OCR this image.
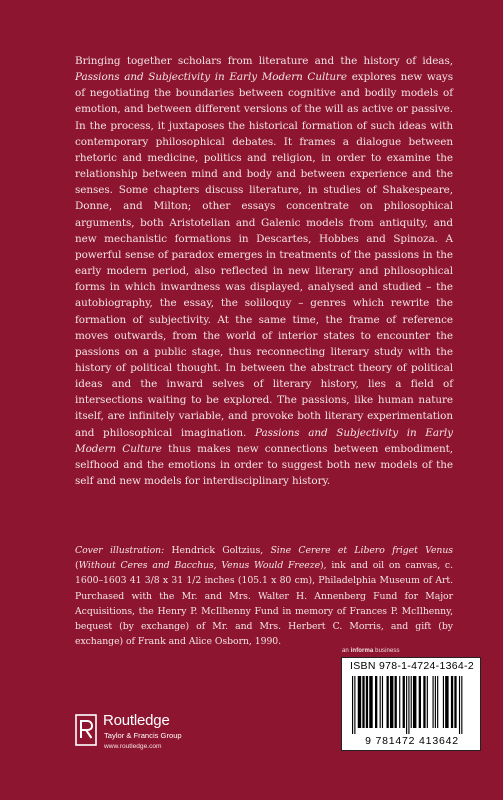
Bringing together scholars from literature and the history of ideas, Passions and Subjectivity in Early Modern Culture explores new ways of negotiating the boundaries between cognitive and bodily models of emotion, and between different versions of the will as active or passive. In the process, it juxtaposes the historical formation of such ideas with contemporary philosophical debates. It frames a dialogue between rhetoric and medicine, politics and religion, in order to examine the relationship between mind and body and between experience and the senses. Some chapters discuss literature, in studies of Shakespeare, Donne, and Milton; other essays concentrate on philosophical arguments, both Aristotelian and Galenic models from antiquity, and new mechanistic formations in Descartes, Hobbes and Spinoza. A powerful sense of paradox emerges in treatments of the passions in the early modern period, also reflected in new literary and philosophical forms in which inwardness was displayed, analysed and studied – the autobiography, the essay, the soliloquy – genres which rewrite the formation of subjectivity. At the same time, the frame of reference moves outwards, from the world of interior states to encounter the passions on a public stage, thus reconnecting literary study with the history of political thought. In between the abstract theory of political ideas and the inward selves of literary history, lies a field of intersections waiting to be explored. The passions, like human nature itself, are infinitely variable, and provoke both literary experimentation and philosophical imagination. Passions and Subjectivity in Early Modern Culture thus makes new connections between embodiment, selfhood and the emotions in order to suggest both new models of the self and new models for interdisciplinary history.

Cover illustration: Hendrick Goltzius, Sine Cerere et Libero friget Venus (Without Ceres and Bacchus, Venus Would Freeze), ink and oil on canvas, c. 1600–1603 41 3/8 x 31 1/2 inches (105.1 x 80 cm), Philadelphia Museum of Art. Purchased with the Mr. and Mrs. Walter H. Annenberg Fund for Major Acquisitions, the Henry P. McIlhenny Fund in memory of Frances P. McIlhenny, bequest (by exchange) of Mr. and Mrs. Herbert C. Morris, and gift (by exchange) of Frank and Alice Osborn, 1990.

an informa business
ISBN 978-1-4724-1364-2
9 781472 413642
Routledge
Taylor & Francis Group
www.routledge.com
